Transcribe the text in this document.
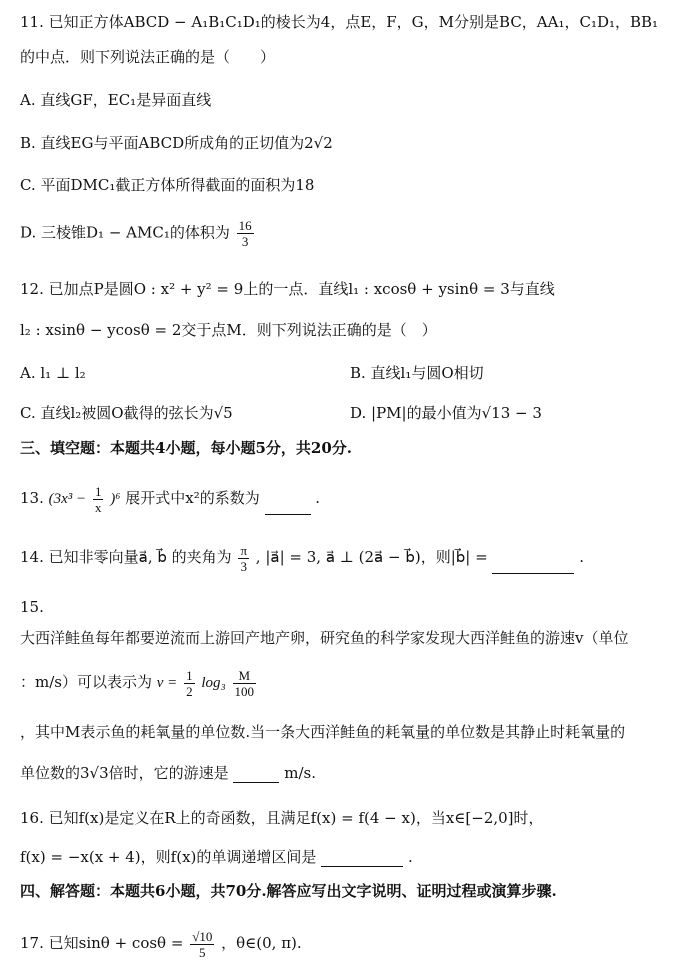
11. 已知正方体ABCD − A₁B₁C₁D₁的棱长为4，点E，F，G，M分别是BC，AA₁，C₁D₁，BB₁
的中点．则下列说法正确的是（　　）
A. 直线GF，EC₁是异面直线
B. 直线EG与平面ABCD所成角的正切值为2√2
C. 平面DMC₁截正方体所得截面的面积为18
D. 三棱锥D₁ − AMC₁的体积为 $\frac{16}{3}$
12. 已加点P是圆O : x² + y² = 9上的一点．直线l₁ : xcosθ + ysinθ = 3与直线
l₂ : xsinθ − ycosθ = 2交于点M．则下列说法正确的是（　）
A. l₁ ⊥ l₂	B. 直线l₁与圆O相切
C. 直线l₂被圆O截得的弦长为√5	D. |PM|的最小值为√13 − 3
三、填空题：本题共4小题，每小题5分，共20分.
13. $(3x^3 - \frac{1}{x} )^6$ 展开式中x²的系数为	.
14. 已知非零向量a⃗, b⃗ 的夹角为 $\frac{\pi}{3}$ , |a⃗| = 3, a⃗ ⊥ (2a⃗ − b⃗)，则|b⃗| =	.
15.
大西洋鲑鱼每年都要逆流而上游回产地产卵，研究鱼的科学家发现大西洋鲑鱼的游速v（单位
：m/s）可以表示为 $v = \frac{1}{2} \log_3 \frac{M}{100}$
，其中M表示鱼的耗氧量的单位数.当一条大西洋鲑鱼的耗氧量的单位数是其静止时耗氧量的
单位数的3√3倍时，它的游速是	m/s.
16. 已知f(x)是定义在R上的奇函数，且满足f(x) = f(4 − x)，当x∈[−2,0]时，
f(x) = −x(x + 4)，则f(x)的单调递增区间是	.
四、解答题：本题共6小题，共70分.解答应写出文字说明、证明过程或演算步骤.
17. 已知$\sin\theta + \cos\theta = \frac{√10}{5}$ ，θ∈(0, π).
